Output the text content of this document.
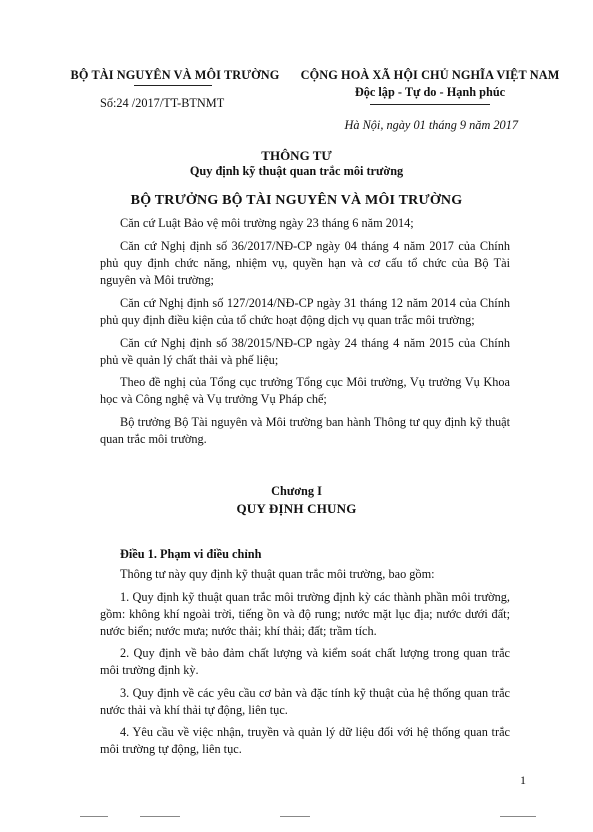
BỘ TÀI NGUYÊN VÀ MÔI TRƯỜNG	CỘNG HOÀ XÃ HỘI CHỦ NGHĨA VIỆT NAM
Độc lập - Tự do - Hạnh phúc
Số:24 /2017/TT-BTNMT
Hà Nội, ngày 01 tháng 9 năm 2017
THÔNG TƯ
Quy định kỹ thuật quan trắc môi trường
BỘ TRƯỞNG BỘ TÀI NGUYÊN VÀ MÔI TRƯỜNG
Căn cứ Luật Bảo vệ môi trường ngày 23 tháng 6 năm 2014;
Căn cứ Nghị định số 36/2017/NĐ-CP ngày 04 tháng 4 năm 2017 của Chính phủ quy định chức năng, nhiệm vụ, quyền hạn và cơ cấu tổ chức của Bộ Tài nguyên và Môi trường;
Căn cứ Nghị định số 127/2014/NĐ-CP ngày 31 tháng 12 năm 2014 của Chính phủ quy định điều kiện của tổ chức hoạt động dịch vụ quan trắc môi trường;
Căn cứ Nghị định số 38/2015/NĐ-CP ngày 24 tháng 4 năm 2015 của Chính phủ về quản lý chất thải và phế liệu;
Theo đề nghị của Tổng cục trưởng Tổng cục Môi trường, Vụ trưởng Vụ Khoa học và Công nghệ và Vụ trưởng Vụ Pháp chế;
Bộ trưởng Bộ Tài nguyên và Môi trường ban hành Thông tư quy định kỹ thuật quan trắc môi trường.
Chương I
QUY ĐỊNH CHUNG
Điều 1. Phạm vi điều chỉnh
Thông tư này quy định kỹ thuật quan trắc môi trường, bao gồm:
1. Quy định kỹ thuật quan trắc môi trường định kỳ các thành phần môi trường, gồm: không khí ngoài trời, tiếng ồn và độ rung; nước mặt lục địa; nước dưới đất; nước biển; nước mưa; nước thải; khí thải; đất; trầm tích.
2. Quy định về bảo đảm chất lượng và kiểm soát chất lượng trong quan trắc môi trường định kỳ.
3. Quy định về các yêu cầu cơ bản và đặc tính kỹ thuật của hệ thống quan trắc nước thải và khí thải tự động, liên tục.
4. Yêu cầu về việc nhận, truyền và quản lý dữ liệu đối với hệ thống quan trắc môi trường tự động, liên tục.
1
